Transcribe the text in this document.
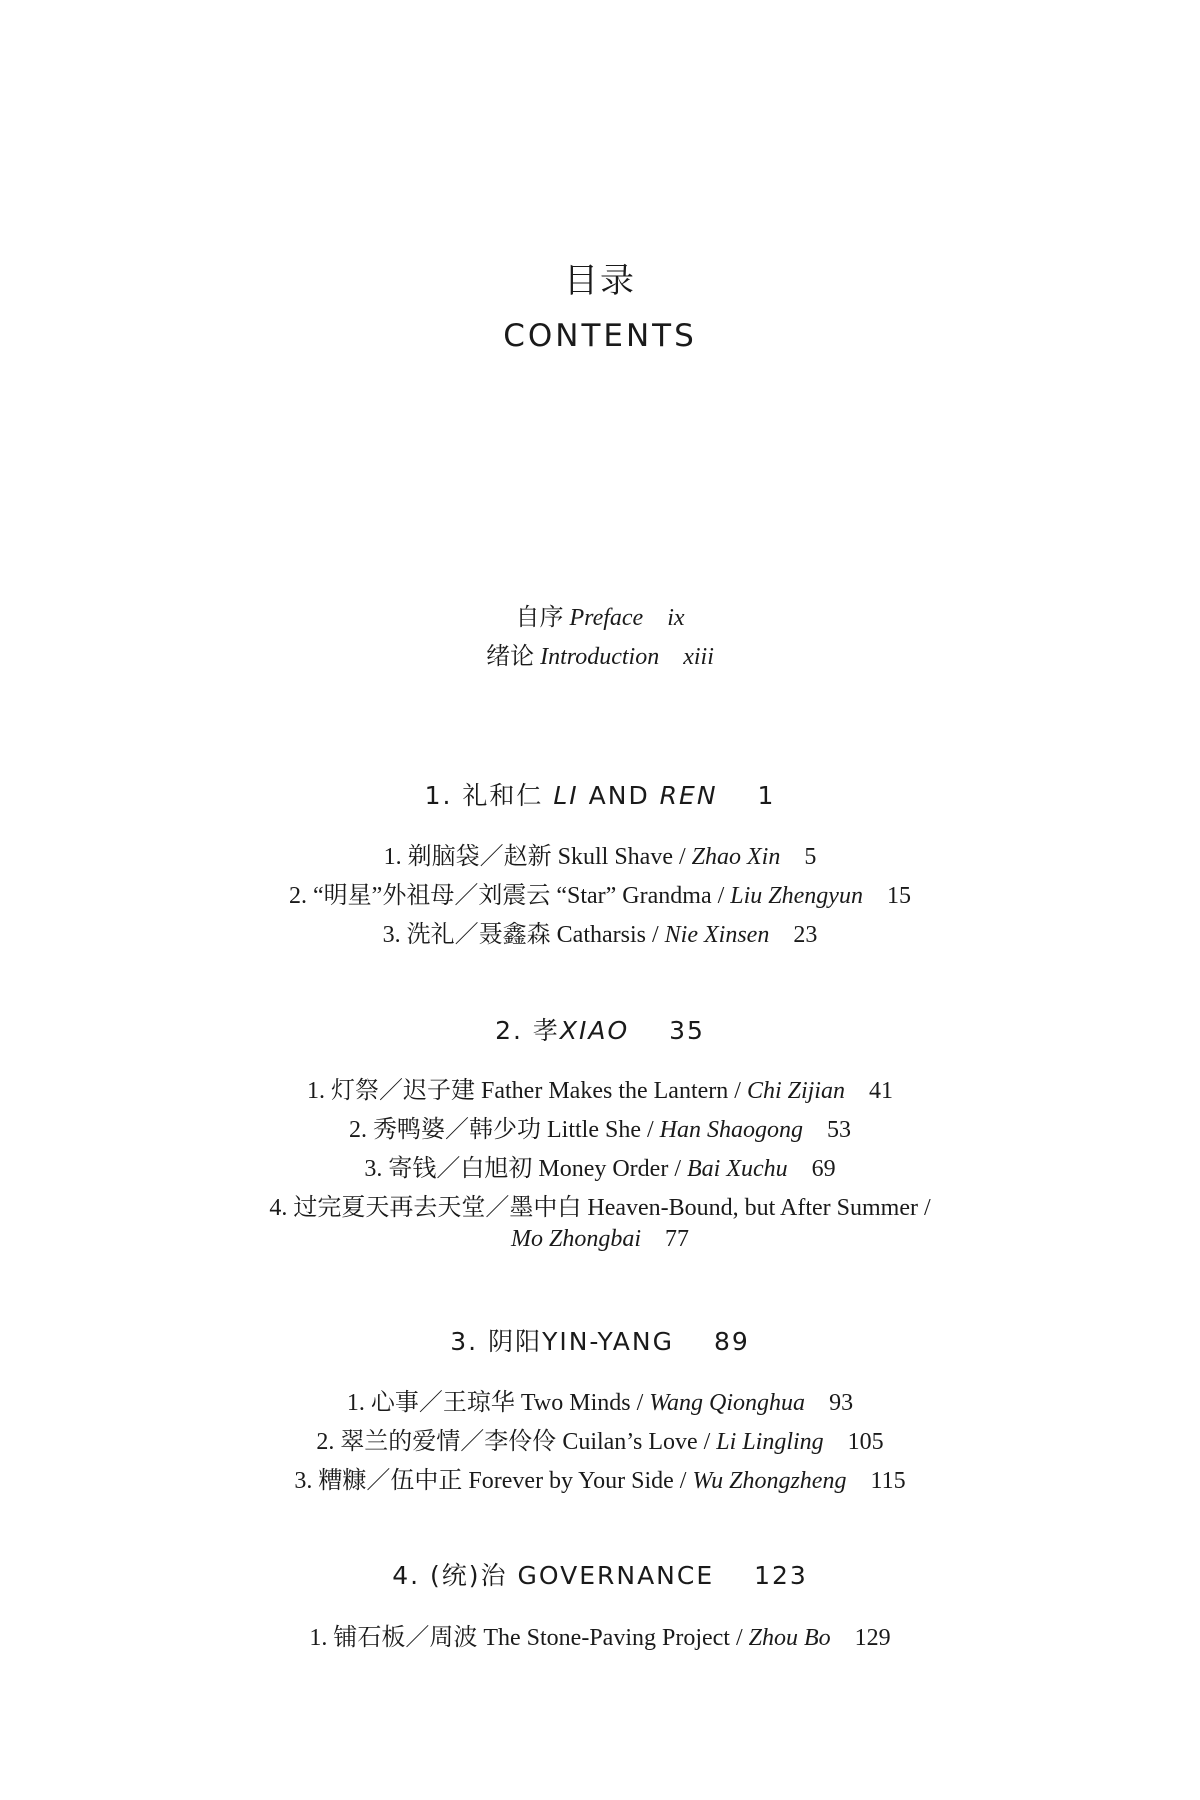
目录
CONTENTS
自序 Preface ix
绪论 Introduction xiii
1. 礼和仁 LI AND REN 1
1. 剃脑袋／赵新 Skull Shave / Zhao Xin 5
2. “明星”外祖母／刘震云 “Star” Grandma / Liu Zhengyun 15
3. 洗礼／聂鑫森 Catharsis / Nie Xinsen 23
2. 孝XIAO 35
1. 灯祭／迟子建 Father Makes the Lantern / Chi Zijian 41
2. 秀鸭婆／韩少功 Little She / Han Shaogong 53
3. 寄钱／白旭初 Money Order / Bai Xuchu 69
4. 过完夏天再去天堂／墨中白 Heaven-Bound, but After Summer /
Mo Zhongbai 77
3. 阴阳YIN-YANG 89
1. 心事／王琼华 Two Minds / Wang Qionghua 93
2. 翠兰的爱情／李伶伶 Cuilan’s Love / Li Lingling 105
3. 糟糠／伍中正 Forever by Your Side / Wu Zhongzheng 115
4. (统)治 GOVERNANCE 123
1. 铺石板／周波 The Stone-Paving Project / Zhou Bo 129
